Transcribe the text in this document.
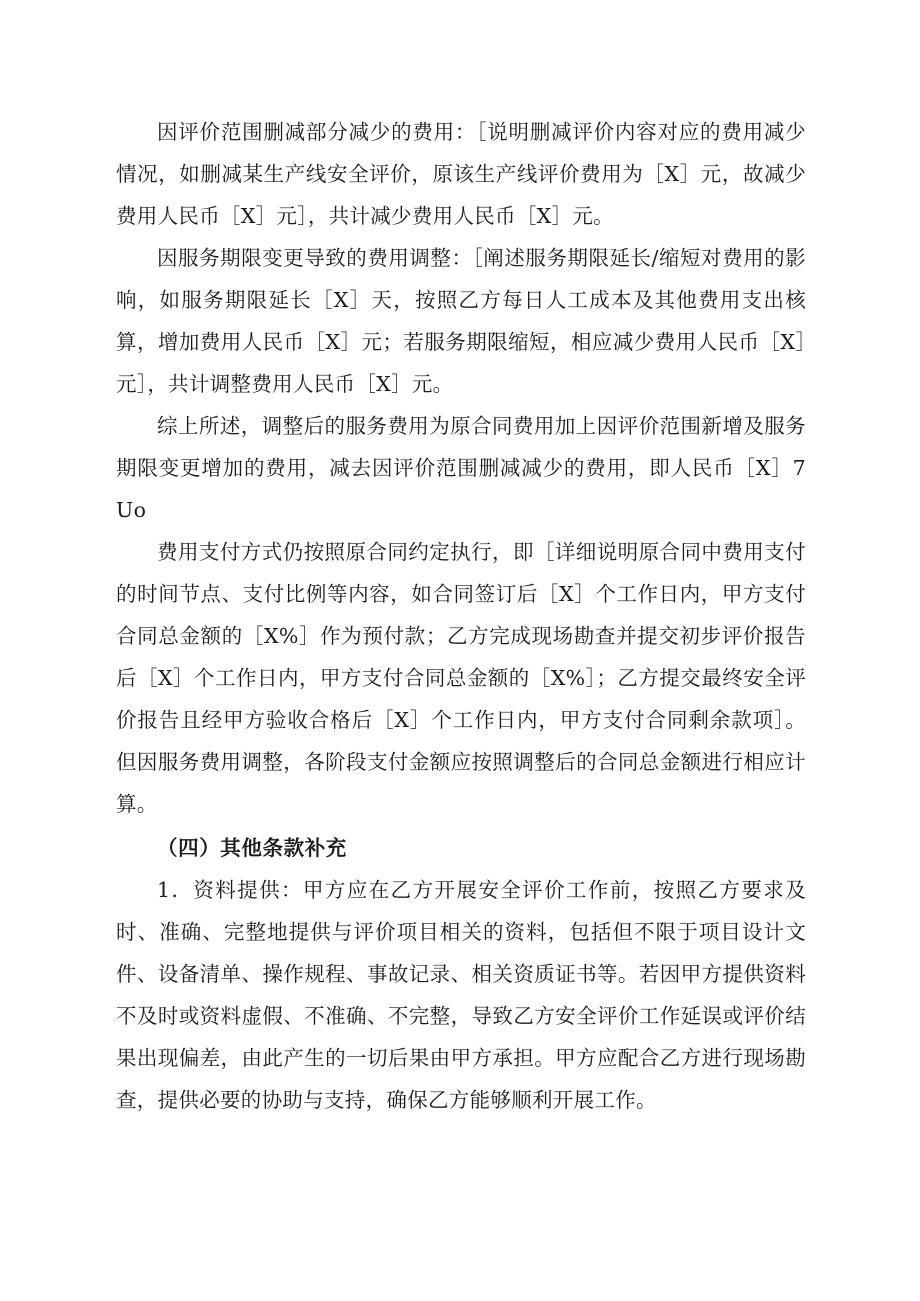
因评价范围删减部分减少的费用：［说明删减评价内容对应的费用减少情况，如删减某生产线安全评价，原该生产线评价费用为［X］元，故减少费用人民币［X］元］，共计减少费用人民币［X］元。

因服务期限变更导致的费用调整：［阐述服务期限延长/缩短对费用的影响，如服务期限延长［X］天，按照乙方每日人工成本及其他费用支出核算，增加费用人民币［X］元；若服务期限缩短，相应减少费用人民币［X］元］，共计调整费用人民币［X］元。

综上所述，调整后的服务费用为原合同费用加上因评价范围新增及服务期限变更增加的费用，减去因评价范围删减减少的费用，即人民币［X］7Uo

费用支付方式仍按照原合同约定执行，即［详细说明原合同中费用支付的时间节点、支付比例等内容，如合同签订后［X］个工作日内，甲方支付合同总金额的［X%］作为预付款；乙方完成现场勘查并提交初步评价报告后［X］个工作日内，甲方支付合同总金额的［X%］；乙方提交最终安全评价报告且经甲方验收合格后［X］个工作日内，甲方支付合同剩余款项］。但因服务费用调整，各阶段支付金额应按照调整后的合同总金额进行相应计算。

（四）其他条款补充

1．资料提供：甲方应在乙方开展安全评价工作前，按照乙方要求及时、准确、完整地提供与评价项目相关的资料，包括但不限于项目设计文件、设备清单、操作规程、事故记录、相关资质证书等。若因甲方提供资料不及时或资料虚假、不准确、不完整，导致乙方安全评价工作延误或评价结果出现偏差，由此产生的一切后果由甲方承担。甲方应配合乙方进行现场勘查，提供必要的协助与支持，确保乙方能够顺利开展工作。
